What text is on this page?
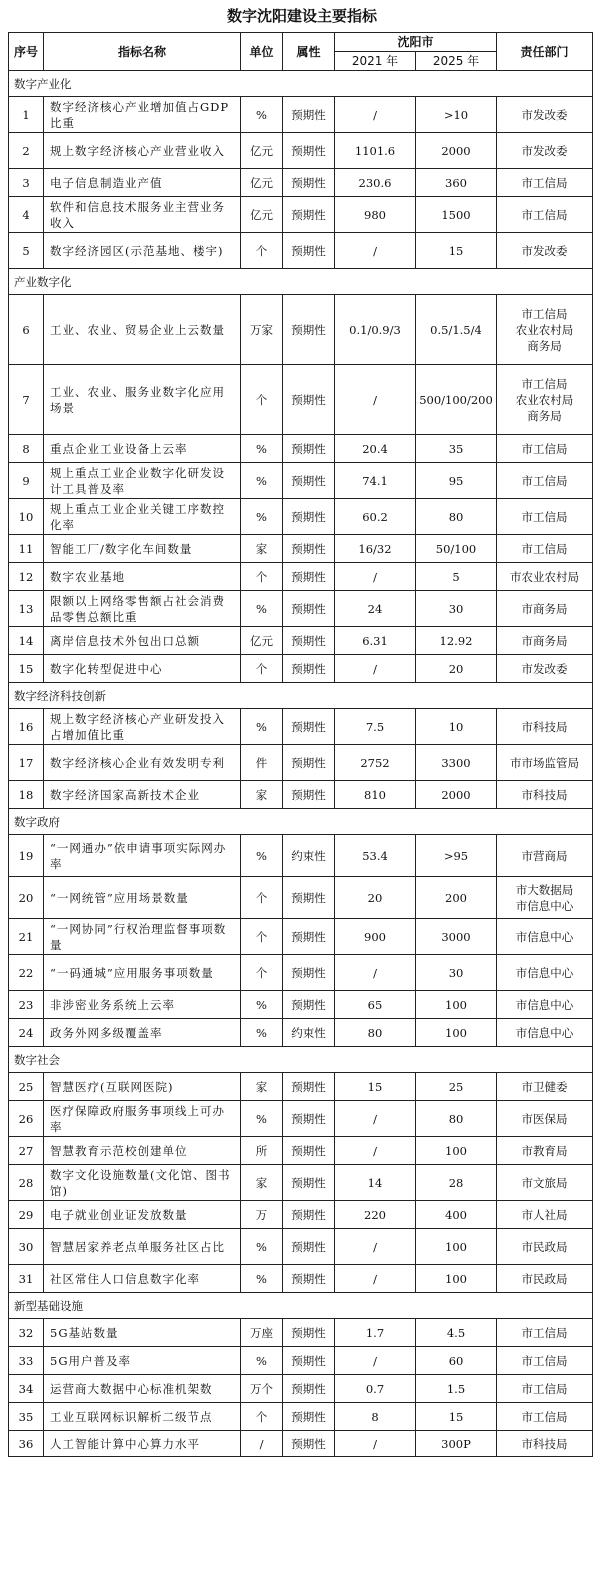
数字沈阳建设主要指标
序号	指标名称	单位	属性	沈阳市		责任部门
				2021 年	2025 年	
数字产业化						
1	数字经济核心产业增加值占GDP比重	%	预期性	/	>10	市发改委
2	规上数字经济核心产业营业收入	亿元	预期性	1101.6	2000	市发改委
3	电子信息制造业产值	亿元	预期性	230.6	360	市工信局
4	软件和信息技术服务业主营业务收入	亿元	预期性	980	1500	市工信局
5	数字经济园区(示范基地、楼宇)	个	预期性	/	15	市发改委
产业数字化						
6	工业、农业、贸易企业上云数量	万家	预期性	0.1/0.9/3	0.5/1.5/4	市工信局
农业农村局
商务局
7	工业、农业、服务业数字化应用场景	个	预期性	/	500/100/200	市工信局
农业农村局
商务局
8	重点企业工业设备上云率	%	预期性	20.4	35	市工信局
9	规上重点工业企业数字化研发设计工具普及率	%	预期性	74.1	95	市工信局
10	规上重点工业企业关键工序数控化率	%	预期性	60.2	80	市工信局
11	智能工厂/数字化车间数量	家	预期性	16/32	50/100	市工信局
12	数字农业基地	个	预期性	/	5	市农业农村局
13	限额以上网络零售额占社会消费品零售总额比重	%	预期性	24	30	市商务局
14	离岸信息技术外包出口总额	亿元	预期性	6.31	12.92	市商务局
15	数字化转型促进中心	个	预期性	/	20	市发改委
数字经济科技创新						
16	规上数字经济核心产业研发投入占增加值比重	%	预期性	7.5	10	市科技局
17	数字经济核心企业有效发明专利	件	预期性	2752	3300	市市场监管局
18	数字经济国家高新技术企业	家	预期性	810	2000	市科技局
数字政府						
19	“一网通办”依申请事项实际网办率	%	约束性	53.4	>95	市营商局
20	“一网统管”应用场景数量	个	预期性	20	200	市大数据局
市信息中心
21	“一网协同”行权治理监督事项数量	个	预期性	900	3000	市信息中心
22	“一码通城”应用服务事项数量	个	预期性	/	30	市信息中心
23	非涉密业务系统上云率	%	预期性	65	100	市信息中心
24	政务外网多级覆盖率	%	约束性	80	100	市信息中心
数字社会						
25	智慧医疗(互联网医院)	家	预期性	15	25	市卫健委
26	医疗保障政府服务事项线上可办率	%	预期性	/	80	市医保局
27	智慧教育示范校创建单位	所	预期性	/	100	市教育局
28	数字文化设施数量(文化馆、图书馆)	家	预期性	14	28	市文旅局
29	电子就业创业证发放数量	万	预期性	220	400	市人社局
30	智慧居家养老点单服务社区占比	%	预期性	/	100	市民政局
31	社区常住人口信息数字化率	%	预期性	/	100	市民政局
新型基础设施						
32	5G基站数量	万座	预期性	1.7	4.5	市工信局
33	5G用户普及率	%	预期性	/	60	市工信局
34	运营商大数据中心标准机架数	万个	预期性	0.7	1.5	市工信局
35	工业互联网标识解析二级节点	个	预期性	8	15	市工信局
36	人工智能计算中心算力水平	/	预期性	/	300P	市科技局
